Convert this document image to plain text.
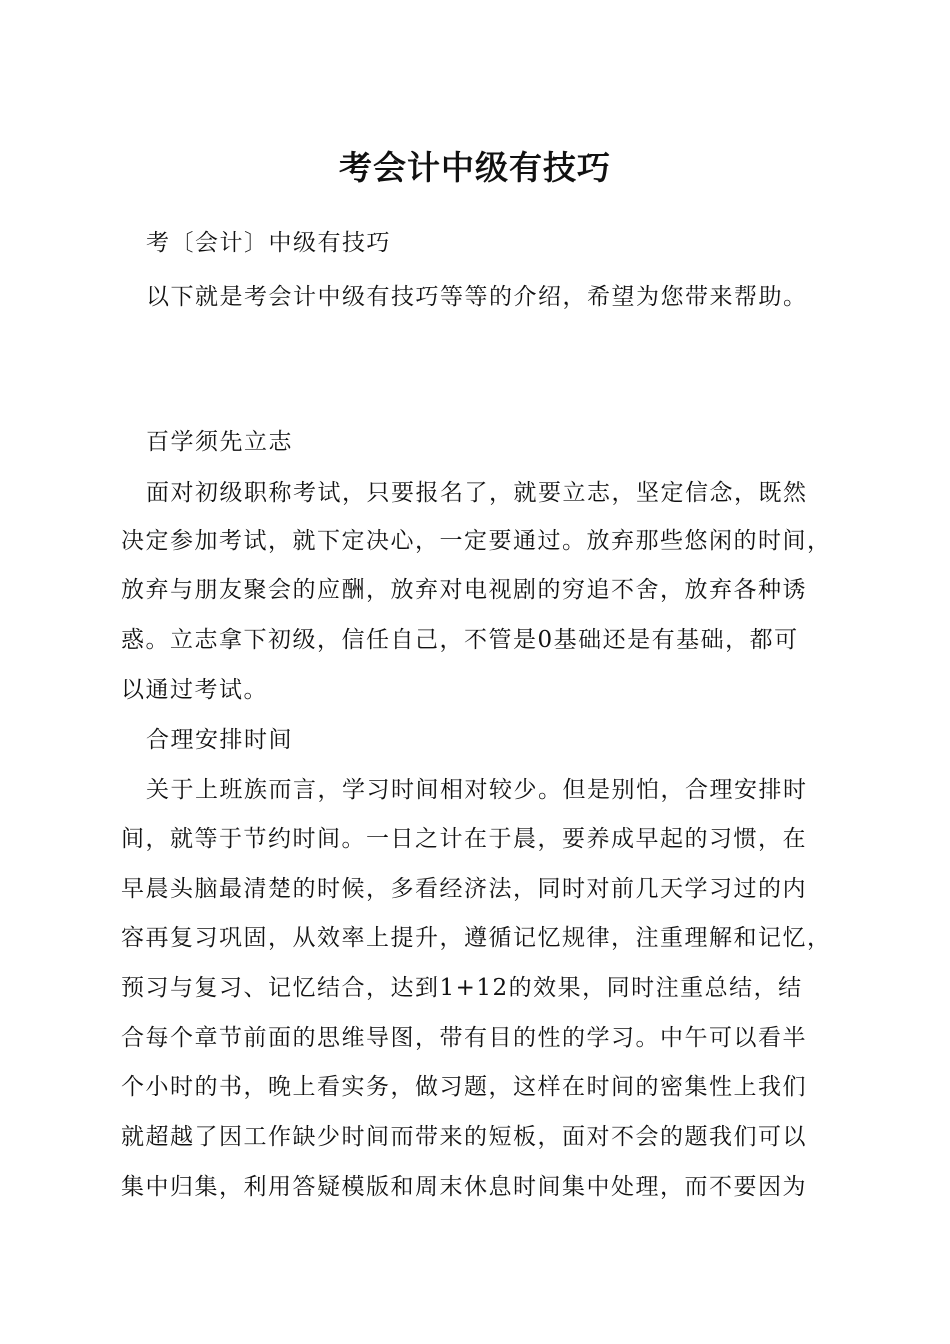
考会计中级有技巧
考〔会计〕中级有技巧
以下就是考会计中级有技巧等等的介绍，希望为您带来帮助。
百学须先立志
面对初级职称考试，只要报名了，就要立志，坚定信念，既然
决定参加考试，就下定决心，一定要通过。放弃那些悠闲的时间，
放弃与朋友聚会的应酬，放弃对电视剧的穷追不舍，放弃各种诱
惑。立志拿下初级，信任自己，不管是0基础还是有基础，都可
以通过考试。
合理安排时间
关于上班族而言，学习时间相对较少。但是别怕，合理安排时
间，就等于节约时间。一日之计在于晨，要养成早起的习惯，在
早晨头脑最清楚的时候，多看经济法，同时对前几天学习过的内
容再复习巩固，从效率上提升，遵循记忆规律，注重理解和记忆，
预习与复习、记忆结合，达到1+12的效果，同时注重总结，结
合每个章节前面的思维导图，带有目的性的学习。中午可以看半
个小时的书，晚上看实务，做习题，这样在时间的密集性上我们
就超越了因工作缺少时间而带来的短板，面对不会的题我们可以
集中归集，利用答疑模版和周末休息时间集中处理，而不要因为
